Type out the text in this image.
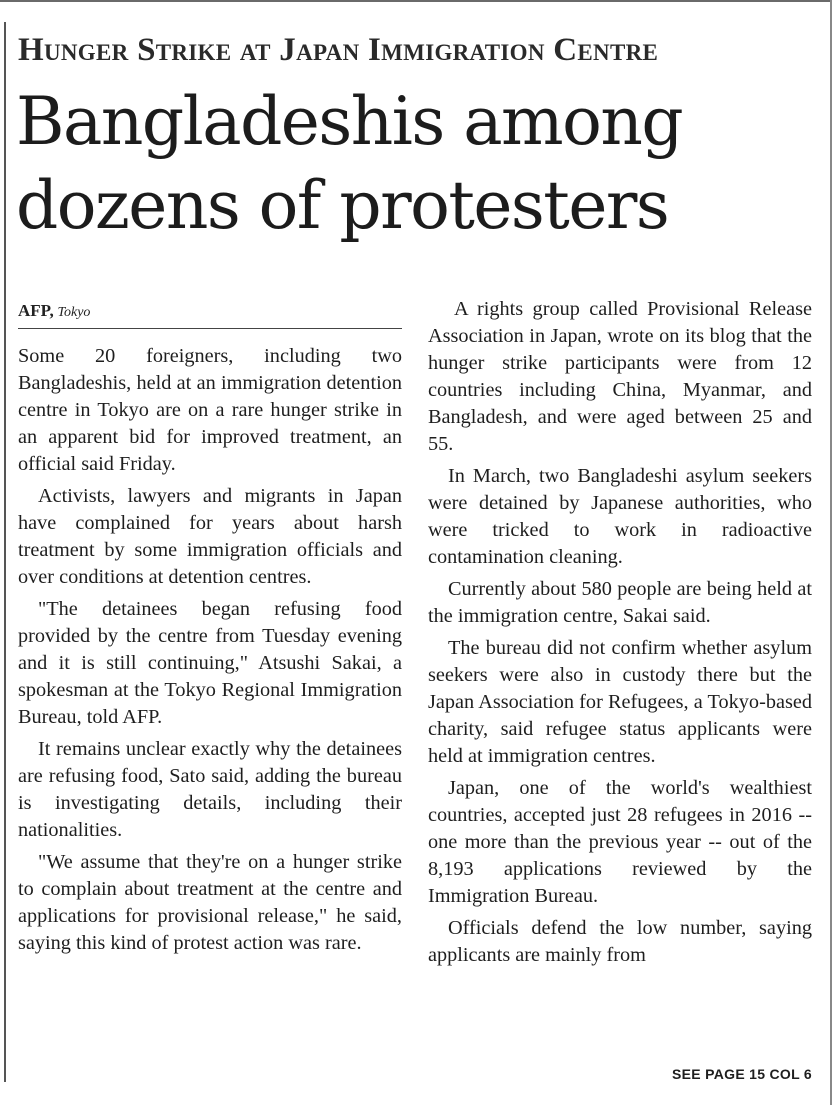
Hunger Strike at Japan Immigration Centre
Bangladeshis among
dozens of protesters
AFP, Tokyo

Some 20 foreigners, including two Bangladeshis, held at an immigration detention centre in Tokyo are on a rare hunger strike in an apparent bid for improved treatment, an official said Friday.

Activists, lawyers and migrants in Japan have complained for years about harsh treatment by some immigration officials and over conditions at detention centres.

"The detainees began refusing food provided by the centre from Tuesday evening and it is still continuing," Atsushi Sakai, a spokesman at the Tokyo Regional Immigration Bureau, told AFP.

It remains unclear exactly why the detainees are refusing food, Sato said, adding the bureau is investigating details, including their nationalities.

"We assume that they're on a hunger strike to complain about treatment at the centre and applications for provisional release," he said, saying this kind of protest action was rare.

A rights group called Provisional Release Association in Japan, wrote on its blog that the hunger strike participants were from 12 countries including China, Myanmar, and Bangladesh, and were aged between 25 and 55.

In March, two Bangladeshi asylum seekers were detained by Japanese authorities, who were tricked to work in radioactive contamination cleaning.

Currently about 580 people are being held at the immigration centre, Sakai said.

The bureau did not confirm whether asylum seekers were also in custody there but the Japan Association for Refugees, a Tokyo-based charity, said refugee status applicants were held at immigration centres.

Japan, one of the world's wealthiest countries, accepted just 28 refugees in 2016 -- one more than the previous year -- out of the 8,193 applications reviewed by the Immigration Bureau.

Officials defend the low number, saying applicants are mainly from

SEE PAGE 15 COL 6
